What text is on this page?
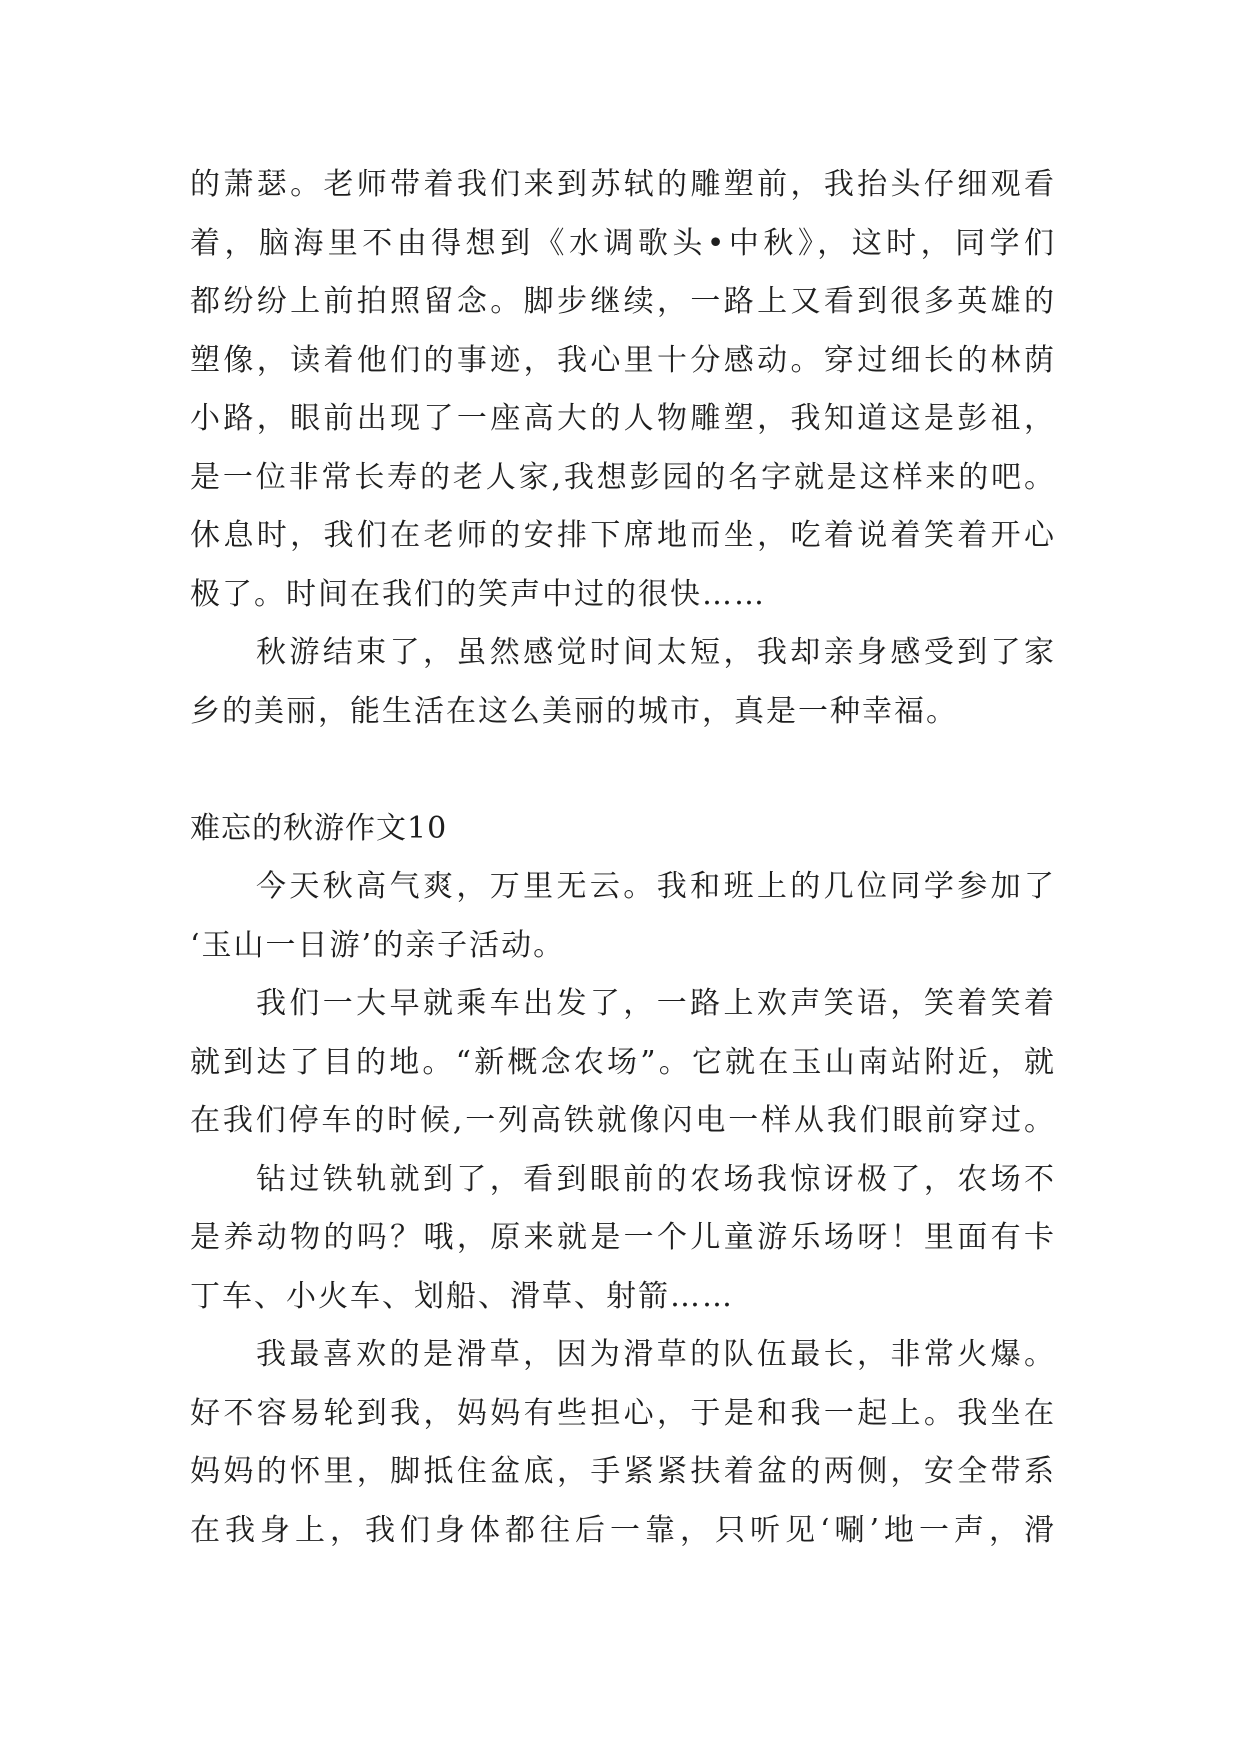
的萧瑟。老师带着我们来到苏轼的雕塑前，我抬头仔细观看
着，脑海里不由得想到《水调歌头•中秋》，这时，同学们
都纷纷上前拍照留念。脚步继续，一路上又看到很多英雄的
塑像，读着他们的事迹，我心里十分感动。穿过细长的林荫
小路，眼前出现了一座高大的人物雕塑，我知道这是彭祖，
是一位非常长寿的老人家,我想彭园的名字就是这样来的吧。
休息时，我们在老师的安排下席地而坐，吃着说着笑着开心
极了。时间在我们的笑声中过的很快……
秋游结束了，虽然感觉时间太短，我却亲身感受到了家
乡的美丽，能生活在这么美丽的城市，真是一种幸福。
难忘的秋游作文10
今天秋高气爽，万里无云。我和班上的几位同学参加了
‘玉山一日游’的亲子活动。
我们一大早就乘车出发了，一路上欢声笑语，笑着笑着
就到达了目的地。“新概念农场”。它就在玉山南站附近，就
在我们停车的时候,一列高铁就像闪电一样从我们眼前穿过。
钻过铁轨就到了，看到眼前的农场我惊讶极了，农场不
是养动物的吗？哦，原来就是一个儿童游乐场呀！里面有卡
丁车、小火车、划船、滑草、射箭……
我最喜欢的是滑草，因为滑草的队伍最长，非常火爆。
好不容易轮到我，妈妈有些担心，于是和我一起上。我坐在
妈妈的怀里，脚抵住盆底，手紧紧扶着盆的两侧，安全带系
在我身上，我们身体都往后一靠，只听见‘唰’地一声，滑
